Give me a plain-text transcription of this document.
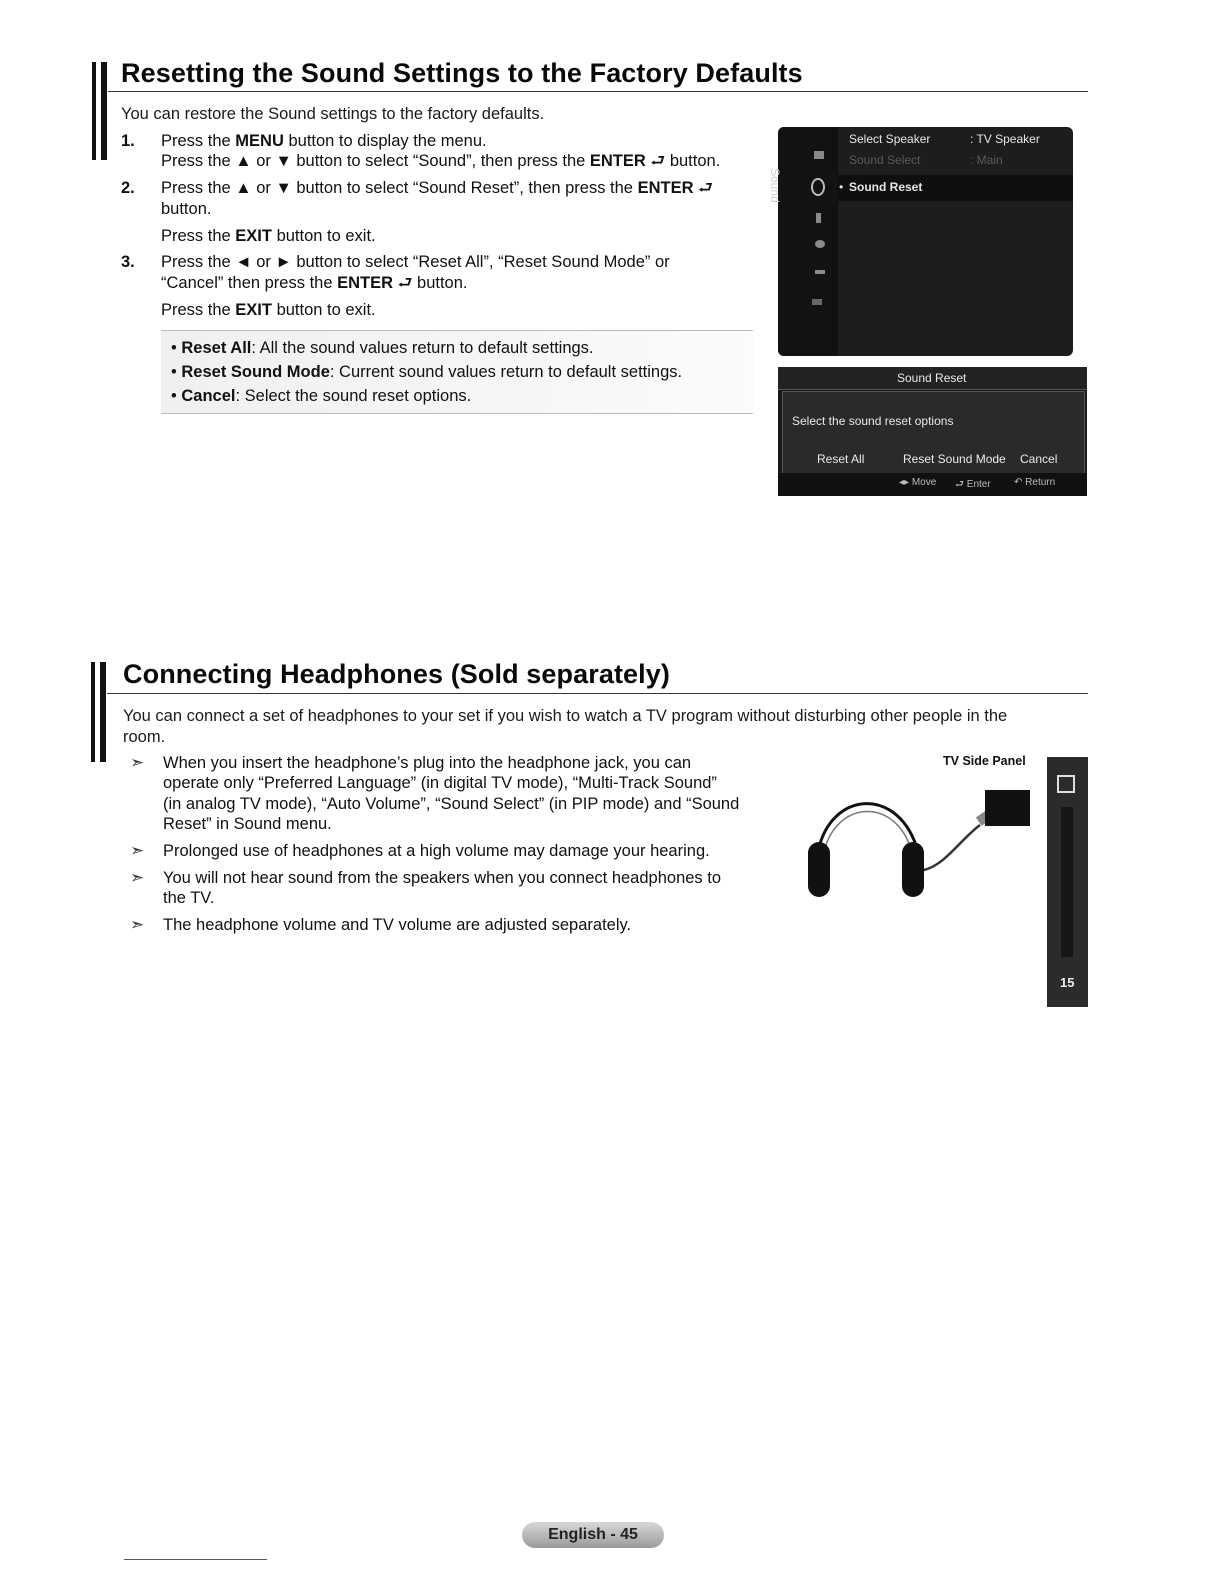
Resetting the Sound Settings to the Factory Defaults
You can restore the Sound settings to the factory defaults.
1. Press the MENU button to display the menu.
Press the ▲ or ▼ button to select “Sound”, then press the ENTER ⮐ button.
2. Press the ▲ or ▼ button to select “Sound Reset”, then press the ENTER ⮐
button.
Press the EXIT button to exit.
3. Press the ◄ or ► button to select “Reset All”, “Reset Sound Mode” or
“Cancel” then press the ENTER ⮐ button.
Press the EXIT button to exit.
• Reset All: All the sound values return to default settings.
• Reset Sound Mode: Current sound values return to default settings.
• Cancel: Select the sound reset options.
Select Speaker	: TV Speaker
Sound Select	: Main
• Sound Reset
Sound
Sound Reset
Select the sound reset options
Reset All	Reset Sound Mode Cancel
◂▸ Move ⮐ Enter ↶ Return
Connecting Headphones (Sold separately)
You can connect a set of headphones to your set if you wish to watch a TV program without disturbing other people in the
room.
➣ When you insert the headphone’s plug into the headphone jack, you can
operate only “Preferred Language” (in digital TV mode), “Multi-Track Sound”
(in analog TV mode), “Auto Volume”, “Sound Select” (in PIP mode) and “Sound
Reset” in Sound menu.
➣ Prolonged use of headphones at a high volume may damage your hearing.
➣ You will not hear sound from the speakers when you connect headphones to
the TV.
➣ The headphone volume and TV volume are adjusted separately.
TV Side Panel
15
English - 45
